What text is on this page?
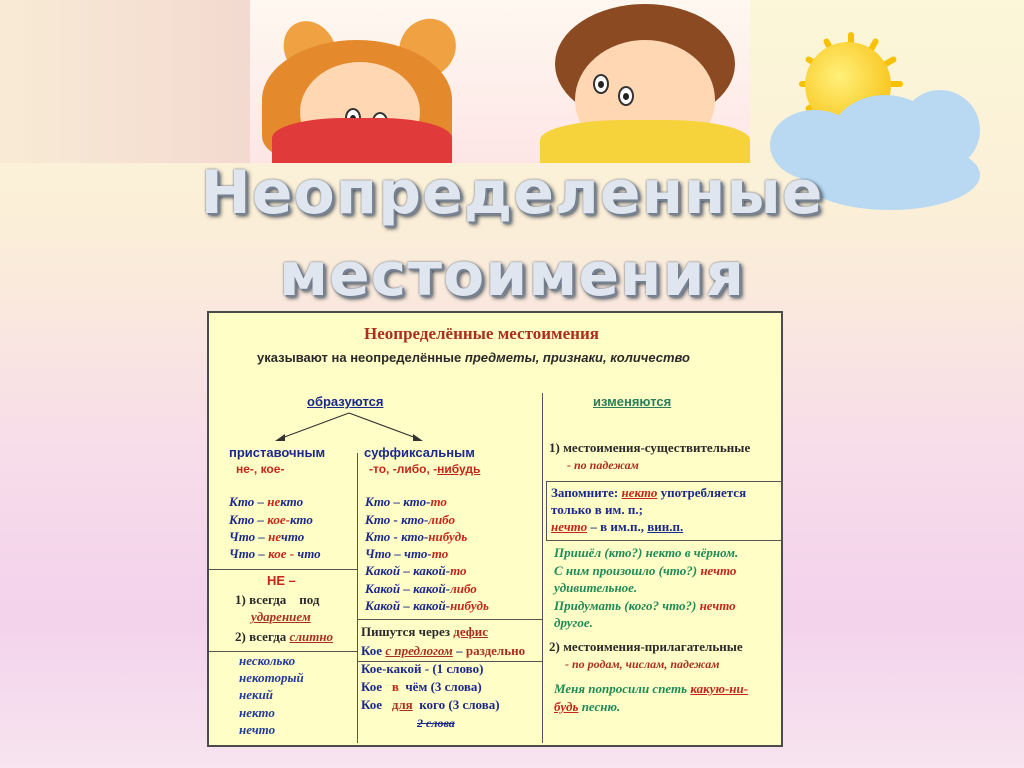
Неопределенные
местоимения
Неопределённые местоимения
указывают на неопределённые предметы, признаки, количество
образуются	изменяются
приставочным
не-, кое-
Кто – некто
Кто – кое-кто
Что – нечто
Что – кое - что
НЕ –
1) всегда под
ударением
2) всегда слитно
несколько
некоторый
некий
некто
нечто
суффиксальным
-то, -либо, -нибудь
Кто – кто-то
Кто - кто-либо
Кто - кто-нибудь
Что – что-то
Какой – какой-то
Какой – какой-либо
Какой – какой-нибудь
Пишутся через дефис
Кое с предлогом – раздельно
Кое-какой - (1 слово)
Кое в чём (3 слова)
Кое для кого (3 слова)
2 слова
1) местоимения-существительные
- по падежам
Запомните: некто употребляется
только в им. п.;
нечто – в им.п., вин.п.
Пришёл (кто?) некто в чёрном.
С ним произошло (что?) нечто
удивительное.
Придумать (кого? что?) нечто
другое.
2) местоимения-прилагательные
- по родам, числам, падежам
Меня попросили спеть какую-ни-
будь песню.
